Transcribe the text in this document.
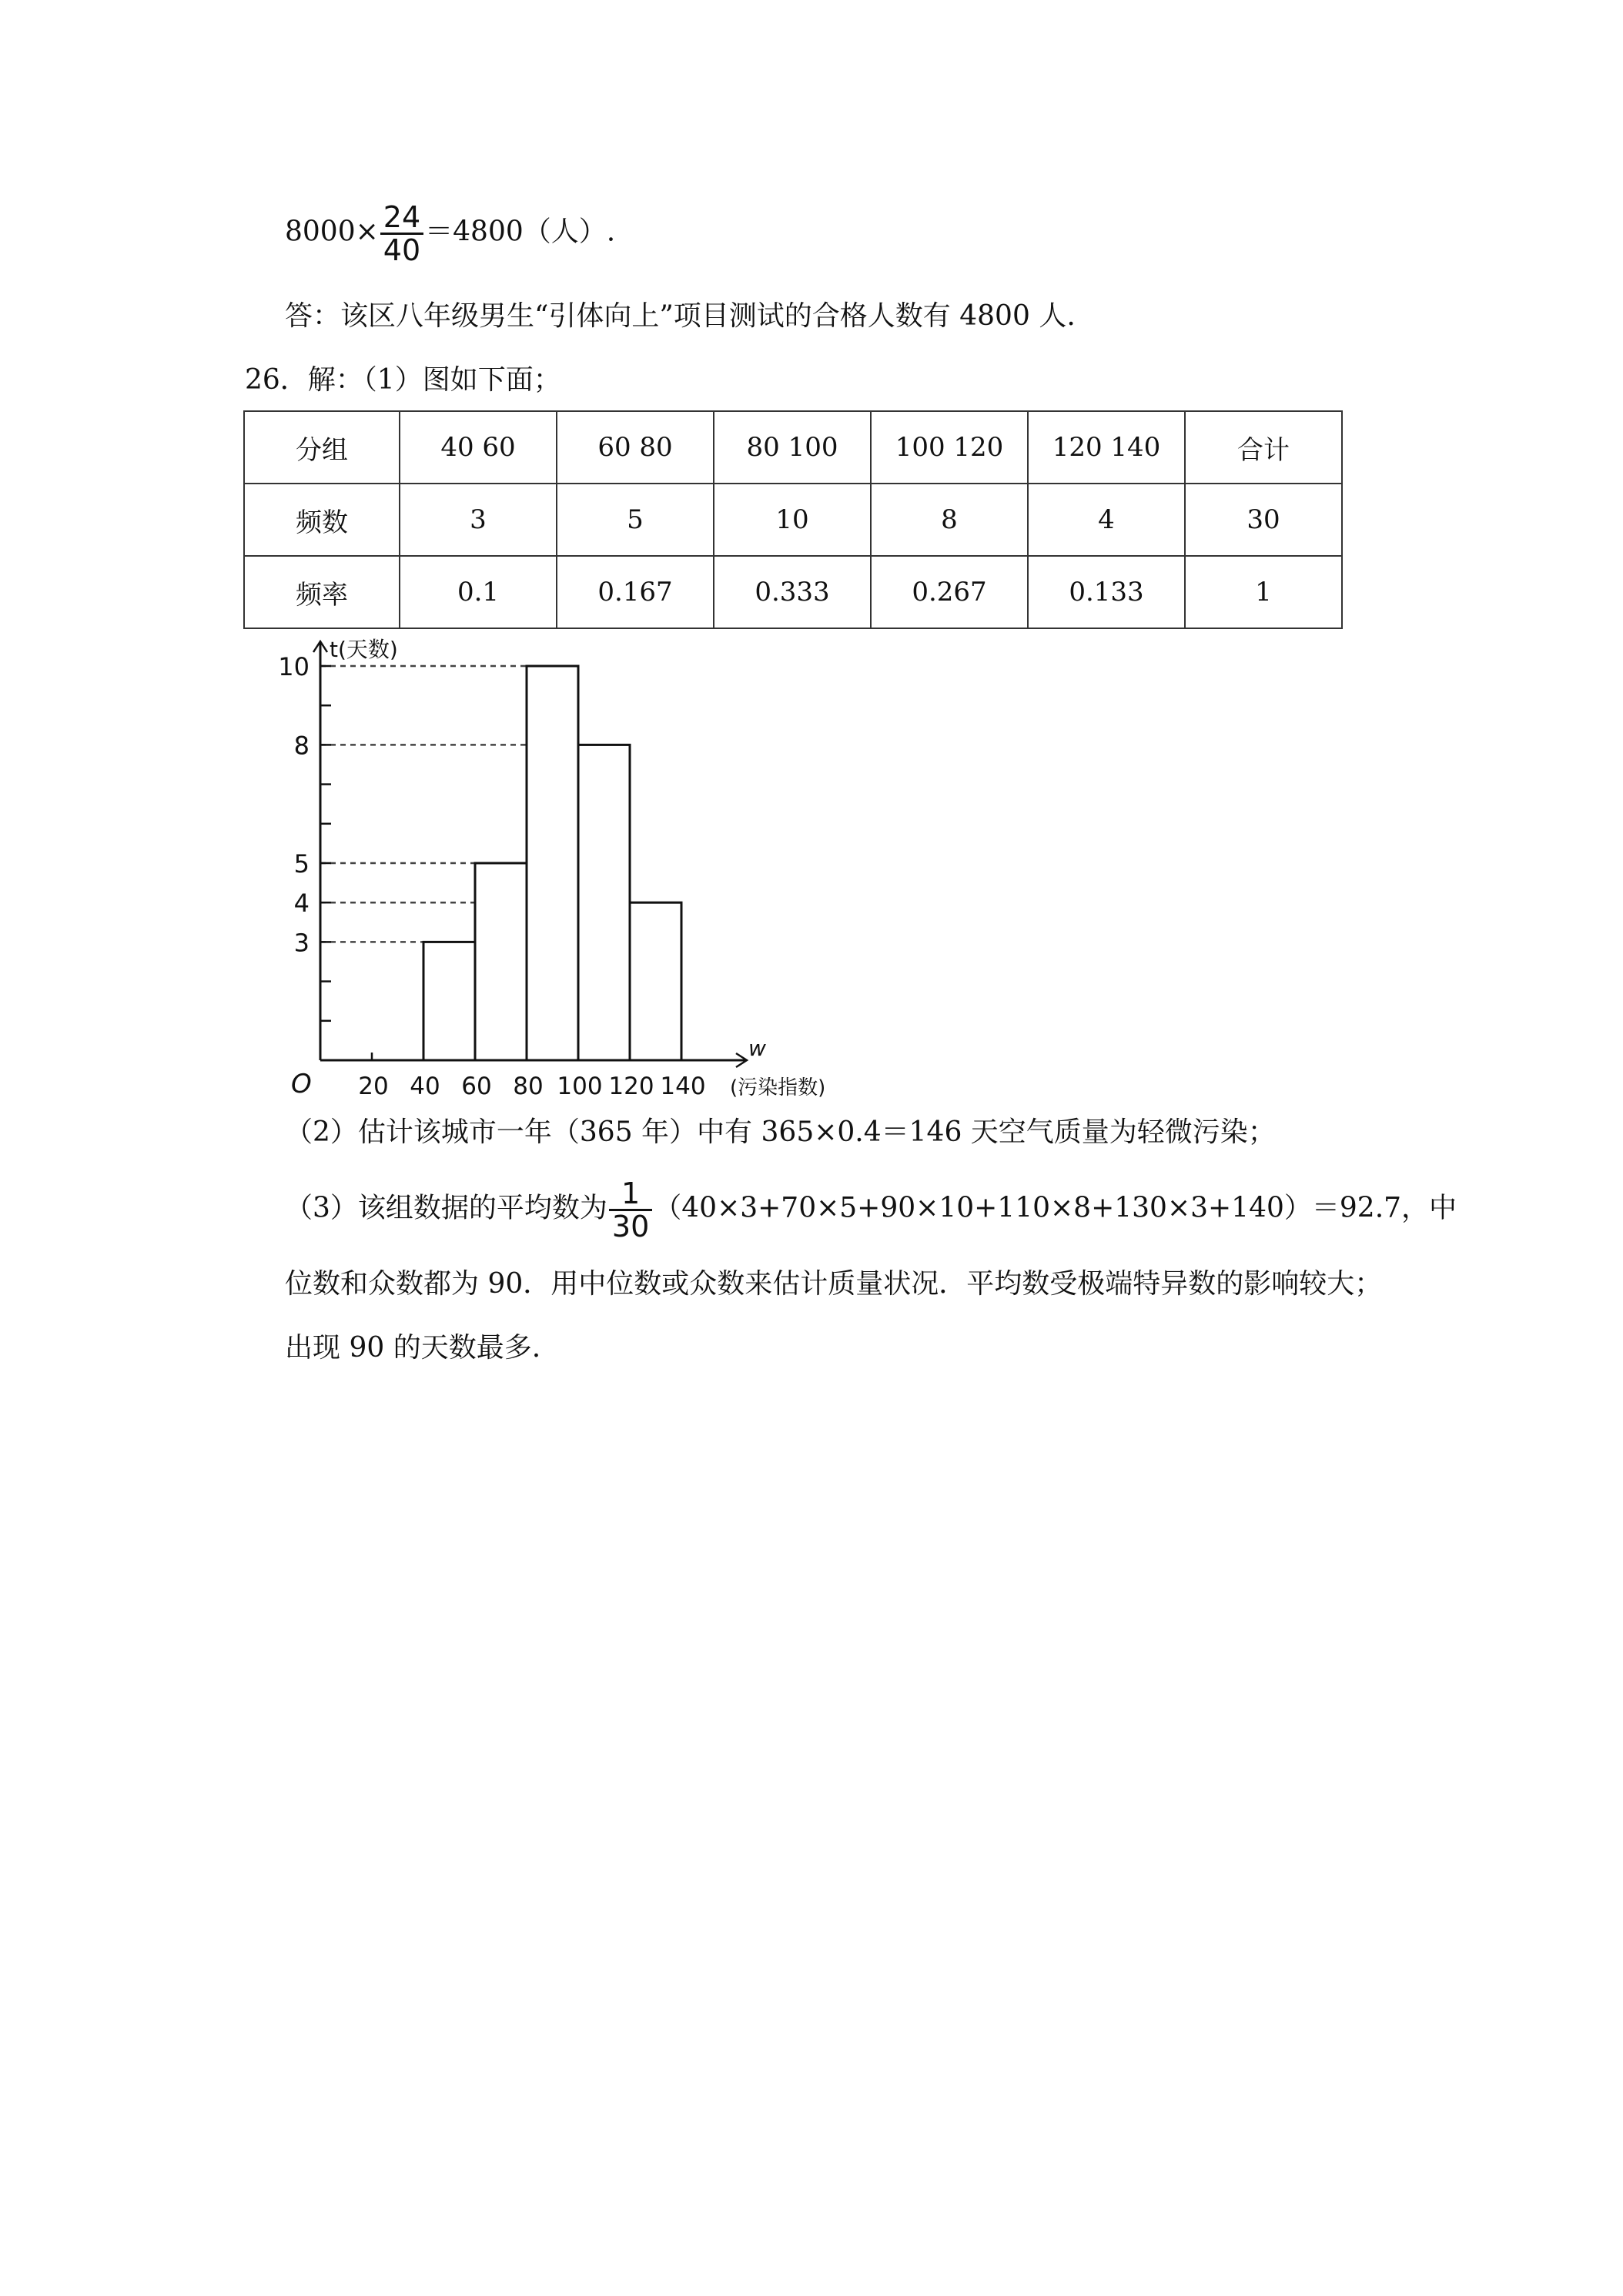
$8000\times \frac{24}{40} =4800$（人）.
答：该区八年级男生“引体向上”项目测试的合格人数有 4800 人.
26．解：（1）图如下面；
分组	40 60	60 80	80 100	100 120	120 140	合计
频数	3	5	10	8	4	30
频率	0.1	0.167	0.333	0.267	0.133	1
3
4
5
8
10
20 40 60 80 100 120 140
O
t(天数)
w
(污染指数)
（2）估计该城市一年（365 年）中有 365×0.4＝146 天空气质量为轻微污染；
（3）该组数据的平均数为 $\frac{1}{30} (40\times 3+70\times 5+90\times 10+110\times 8+130\times 3+140)=92.7$，中
位数和众数都为 90．用中位数或众数来估计质量状况．平均数受极端特异数的影响较大；
出现 90 的天数最多.
